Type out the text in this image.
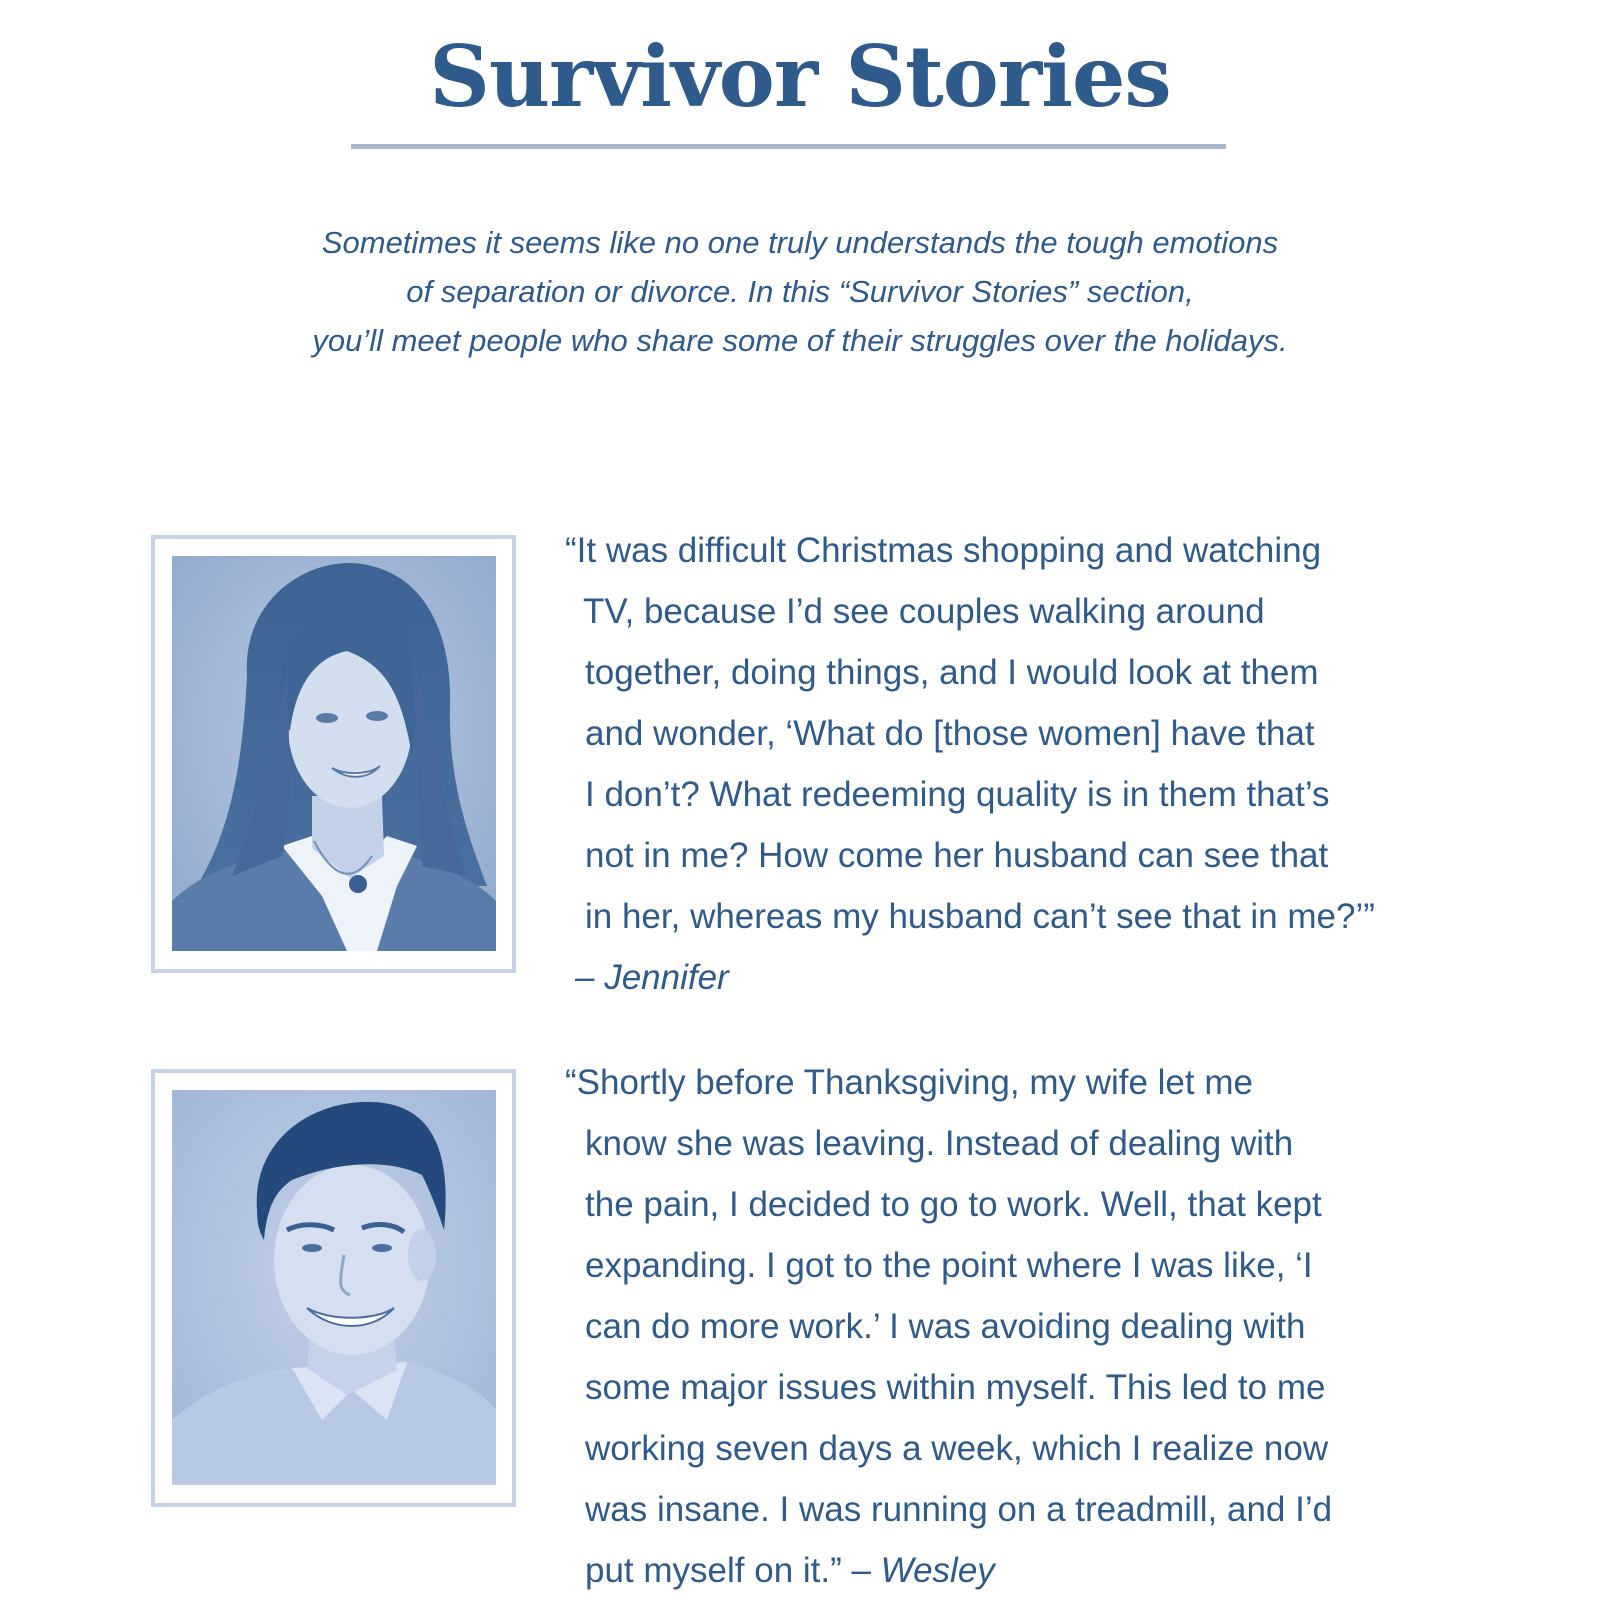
Survivor Stories
Sometimes it seems like no one truly understands the tough emotions
of separation or divorce. In this “Survivor Stories” section,
you’ll meet people who share some of their struggles over the holidays.
“It was difficult Christmas shopping and watching
TV, because I’d see couples walking around
together, doing things, and I would look at them
and wonder, ‘What do [those women] have that
I don’t? What redeeming quality is in them that’s
not in me? How come her husband can see that
in her, whereas my husband can’t see that in me?’”
– Jennifer
“Shortly before Thanksgiving, my wife let me
know she was leaving. Instead of dealing with
the pain, I decided to go to work. Well, that kept
expanding. I got to the point where I was like, ‘I
can do more work.’ I was avoiding dealing with
some major issues within myself. This led to me
working seven days a week, which I realize now
was insane. I was running on a treadmill, and I’d
put myself on it.” – Wesley
